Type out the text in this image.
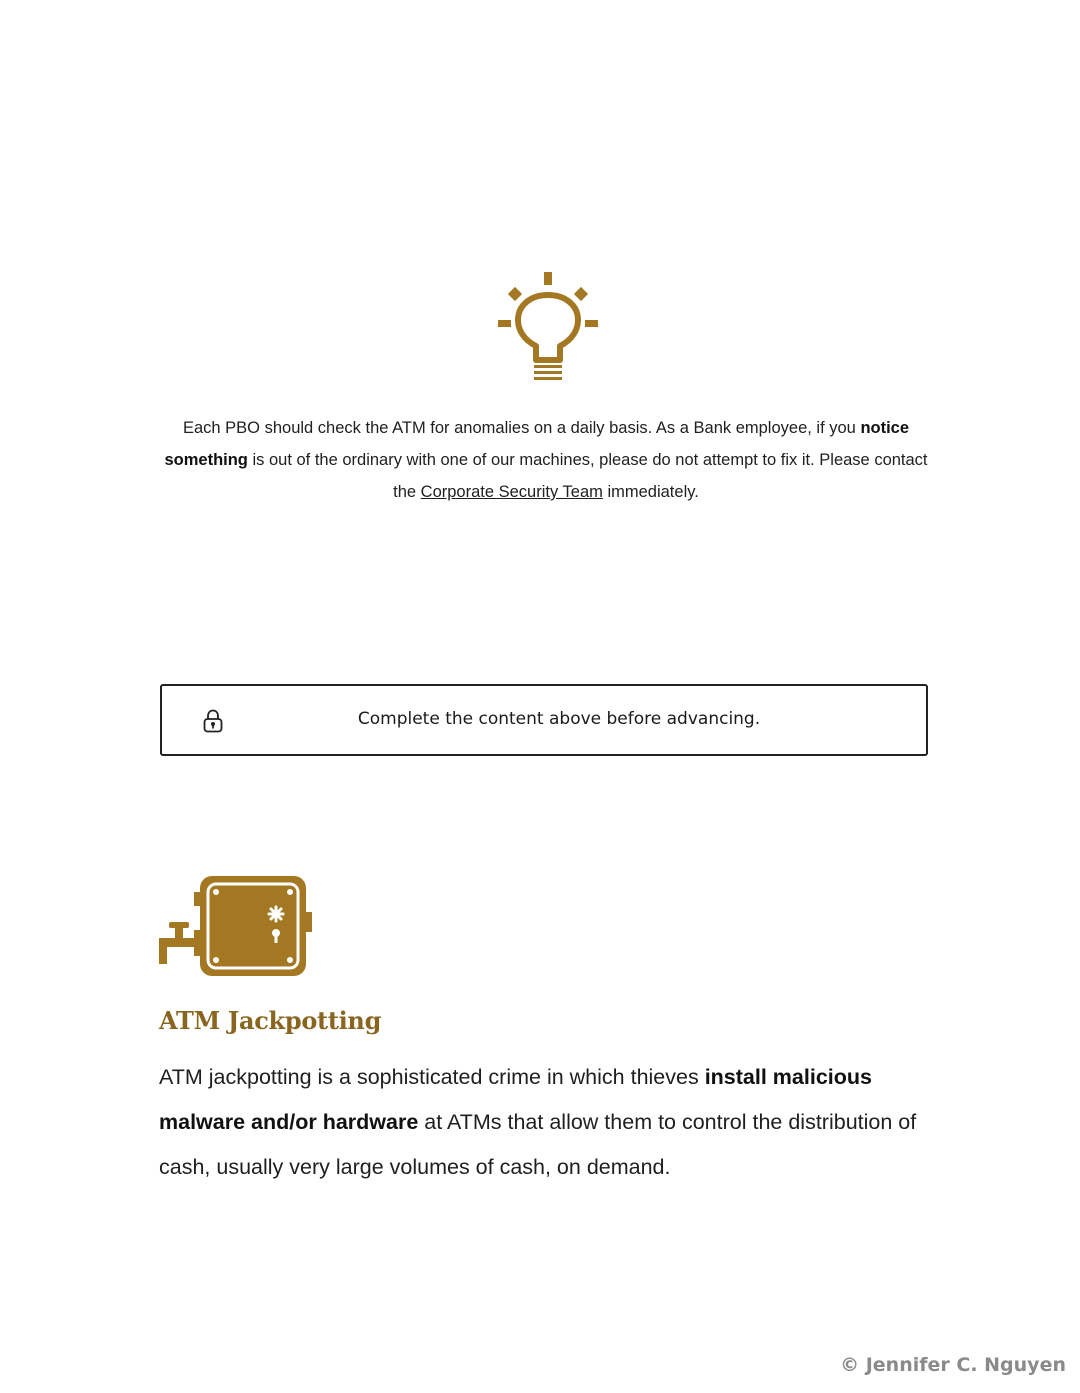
Each PBO should check the ATM for anomalies on a daily basis. As a Bank employee, if you notice something is out of the ordinary with one of our machines, please do not attempt to fix it. Please contact the Corporate Security Team immediately.
Complete the content above before advancing.
ATM Jackpotting

ATM jackpotting is a sophisticated crime in which thieves install malicious malware and/or hardware at ATMs that allow them to control the distribution of cash, usually very large volumes of cash, on demand.

© Jennifer C. Nguyen
